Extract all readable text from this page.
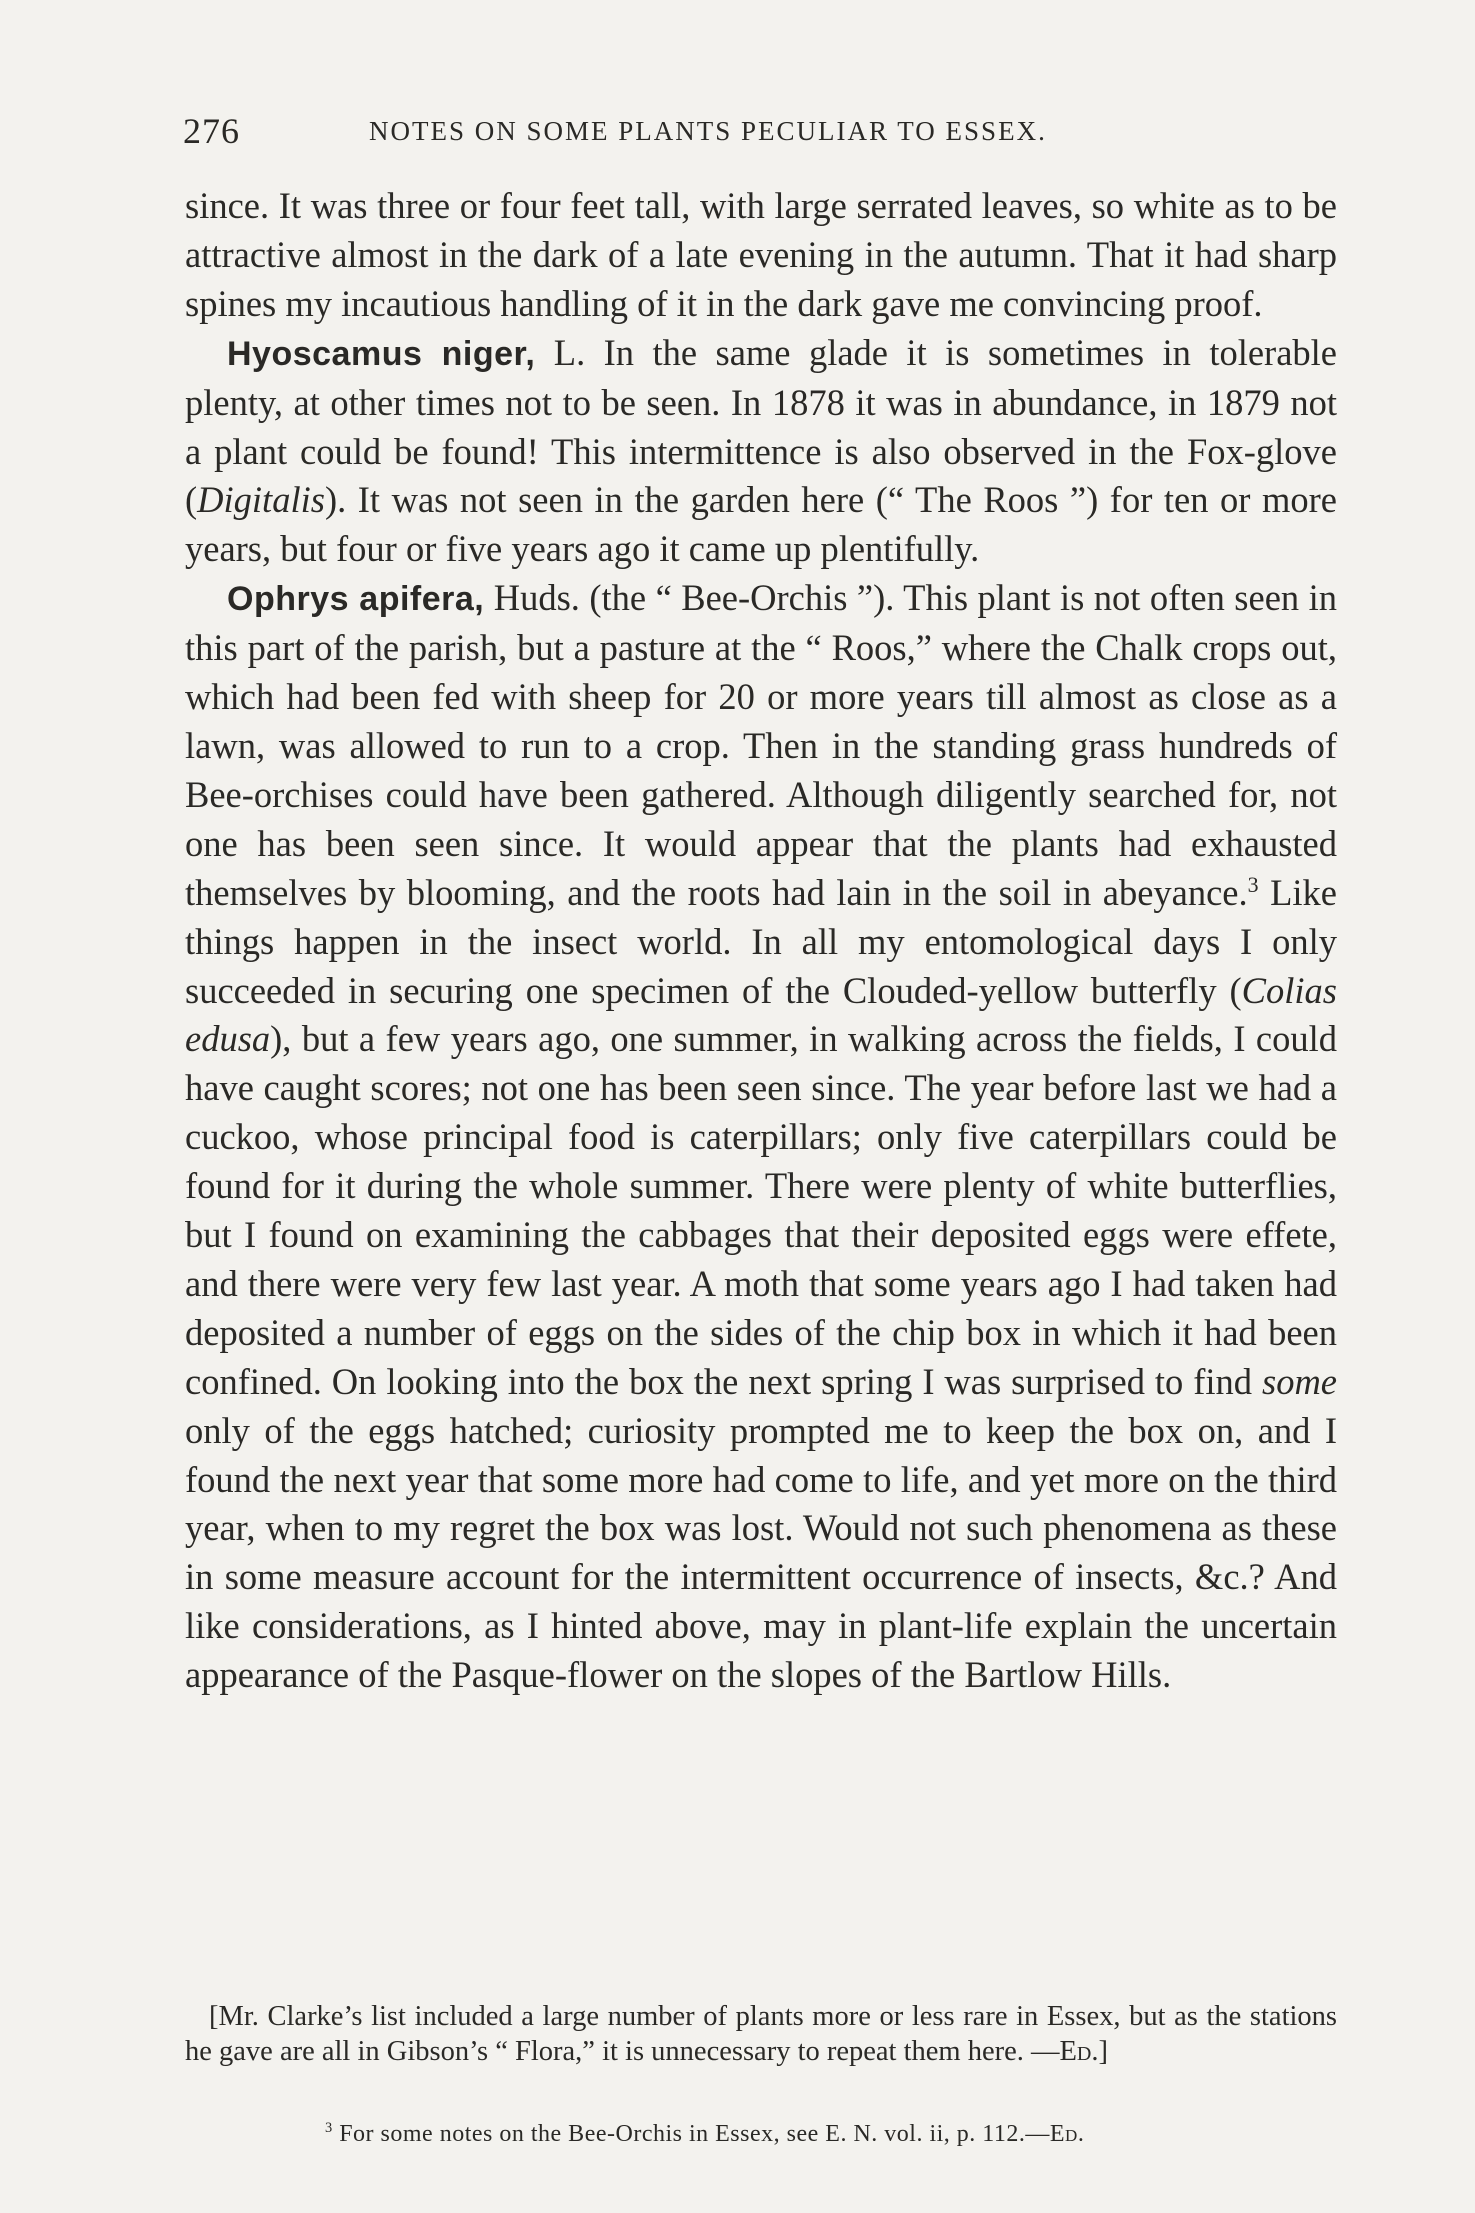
276	NOTES ON SOME PLANTS PECULIAR TO ESSEX.

since. It was three or four feet tall, with large serrated leaves, so white as to be attractive almost in the dark of a late evening in the autumn. That it had sharp spines my incautious handling of it in the dark gave me convincing proof.

Hyoscamus niger, L. In the same glade it is sometimes in tolerable plenty, at other times not to be seen. In 1878 it was in abundance, in 1879 not a plant could be found! This intermittence is also observed in the Fox-glove (Digitalis). It was not seen in the garden here (“ The Roos ”) for ten or more years, but four or five years ago it came up plentifully.

Ophrys apifera, Huds. (the “ Bee-Orchis ”). This plant is not often seen in this part of the parish, but a pasture at the “ Roos,” where the Chalk crops out, which had been fed with sheep for 20 or more years till almost as close as a lawn, was allowed to run to a crop. Then in the standing grass hundreds of Bee-orchises could have been gathered. Although diligently searched for, not one has been seen since. It would appear that the plants had exhausted themselves by blooming, and the roots had lain in the soil in abeyance.$^3$ Like things happen in the insect world. In all my entomological days I only succeeded in securing one specimen of the Clouded-yellow butterfly (Colias edusa), but a few years ago, one summer, in walking across the fields, I could have caught scores; not one has been seen since. The year before last we had a cuckoo, whose principal food is caterpillars; only five caterpillars could be found for it during the whole summer. There were plenty of white butterflies, but I found on examining the cabbages that their deposited eggs were effete, and there were very few last year. A moth that some years ago I had taken had deposited a number of eggs on the sides of the chip box in which it had been confined. On looking into the box the next spring I was surprised to find some only of the eggs hatched; curiosity prompted me to keep the box on, and I found the next year that some more had come to life, and yet more on the third year, when to my regret the box was lost. Would not such phenomena as these in some measure account for the intermittent occurrence of insects, &c.? And like considerations, as I hinted above, may in plant-life explain the uncertain appearance of the Pasque-flower on the slopes of the Bartlow Hills.

[Mr. Clarke’s list included a large number of plants more or less rare in Essex, but as the stations he gave are all in Gibson’s “ Flora,” it is unnecessary to repeat them here. —Ed.]

$^3$ For some notes on the Bee-Orchis in Essex, see E. N. vol. ii, p. 112.—Ed.
